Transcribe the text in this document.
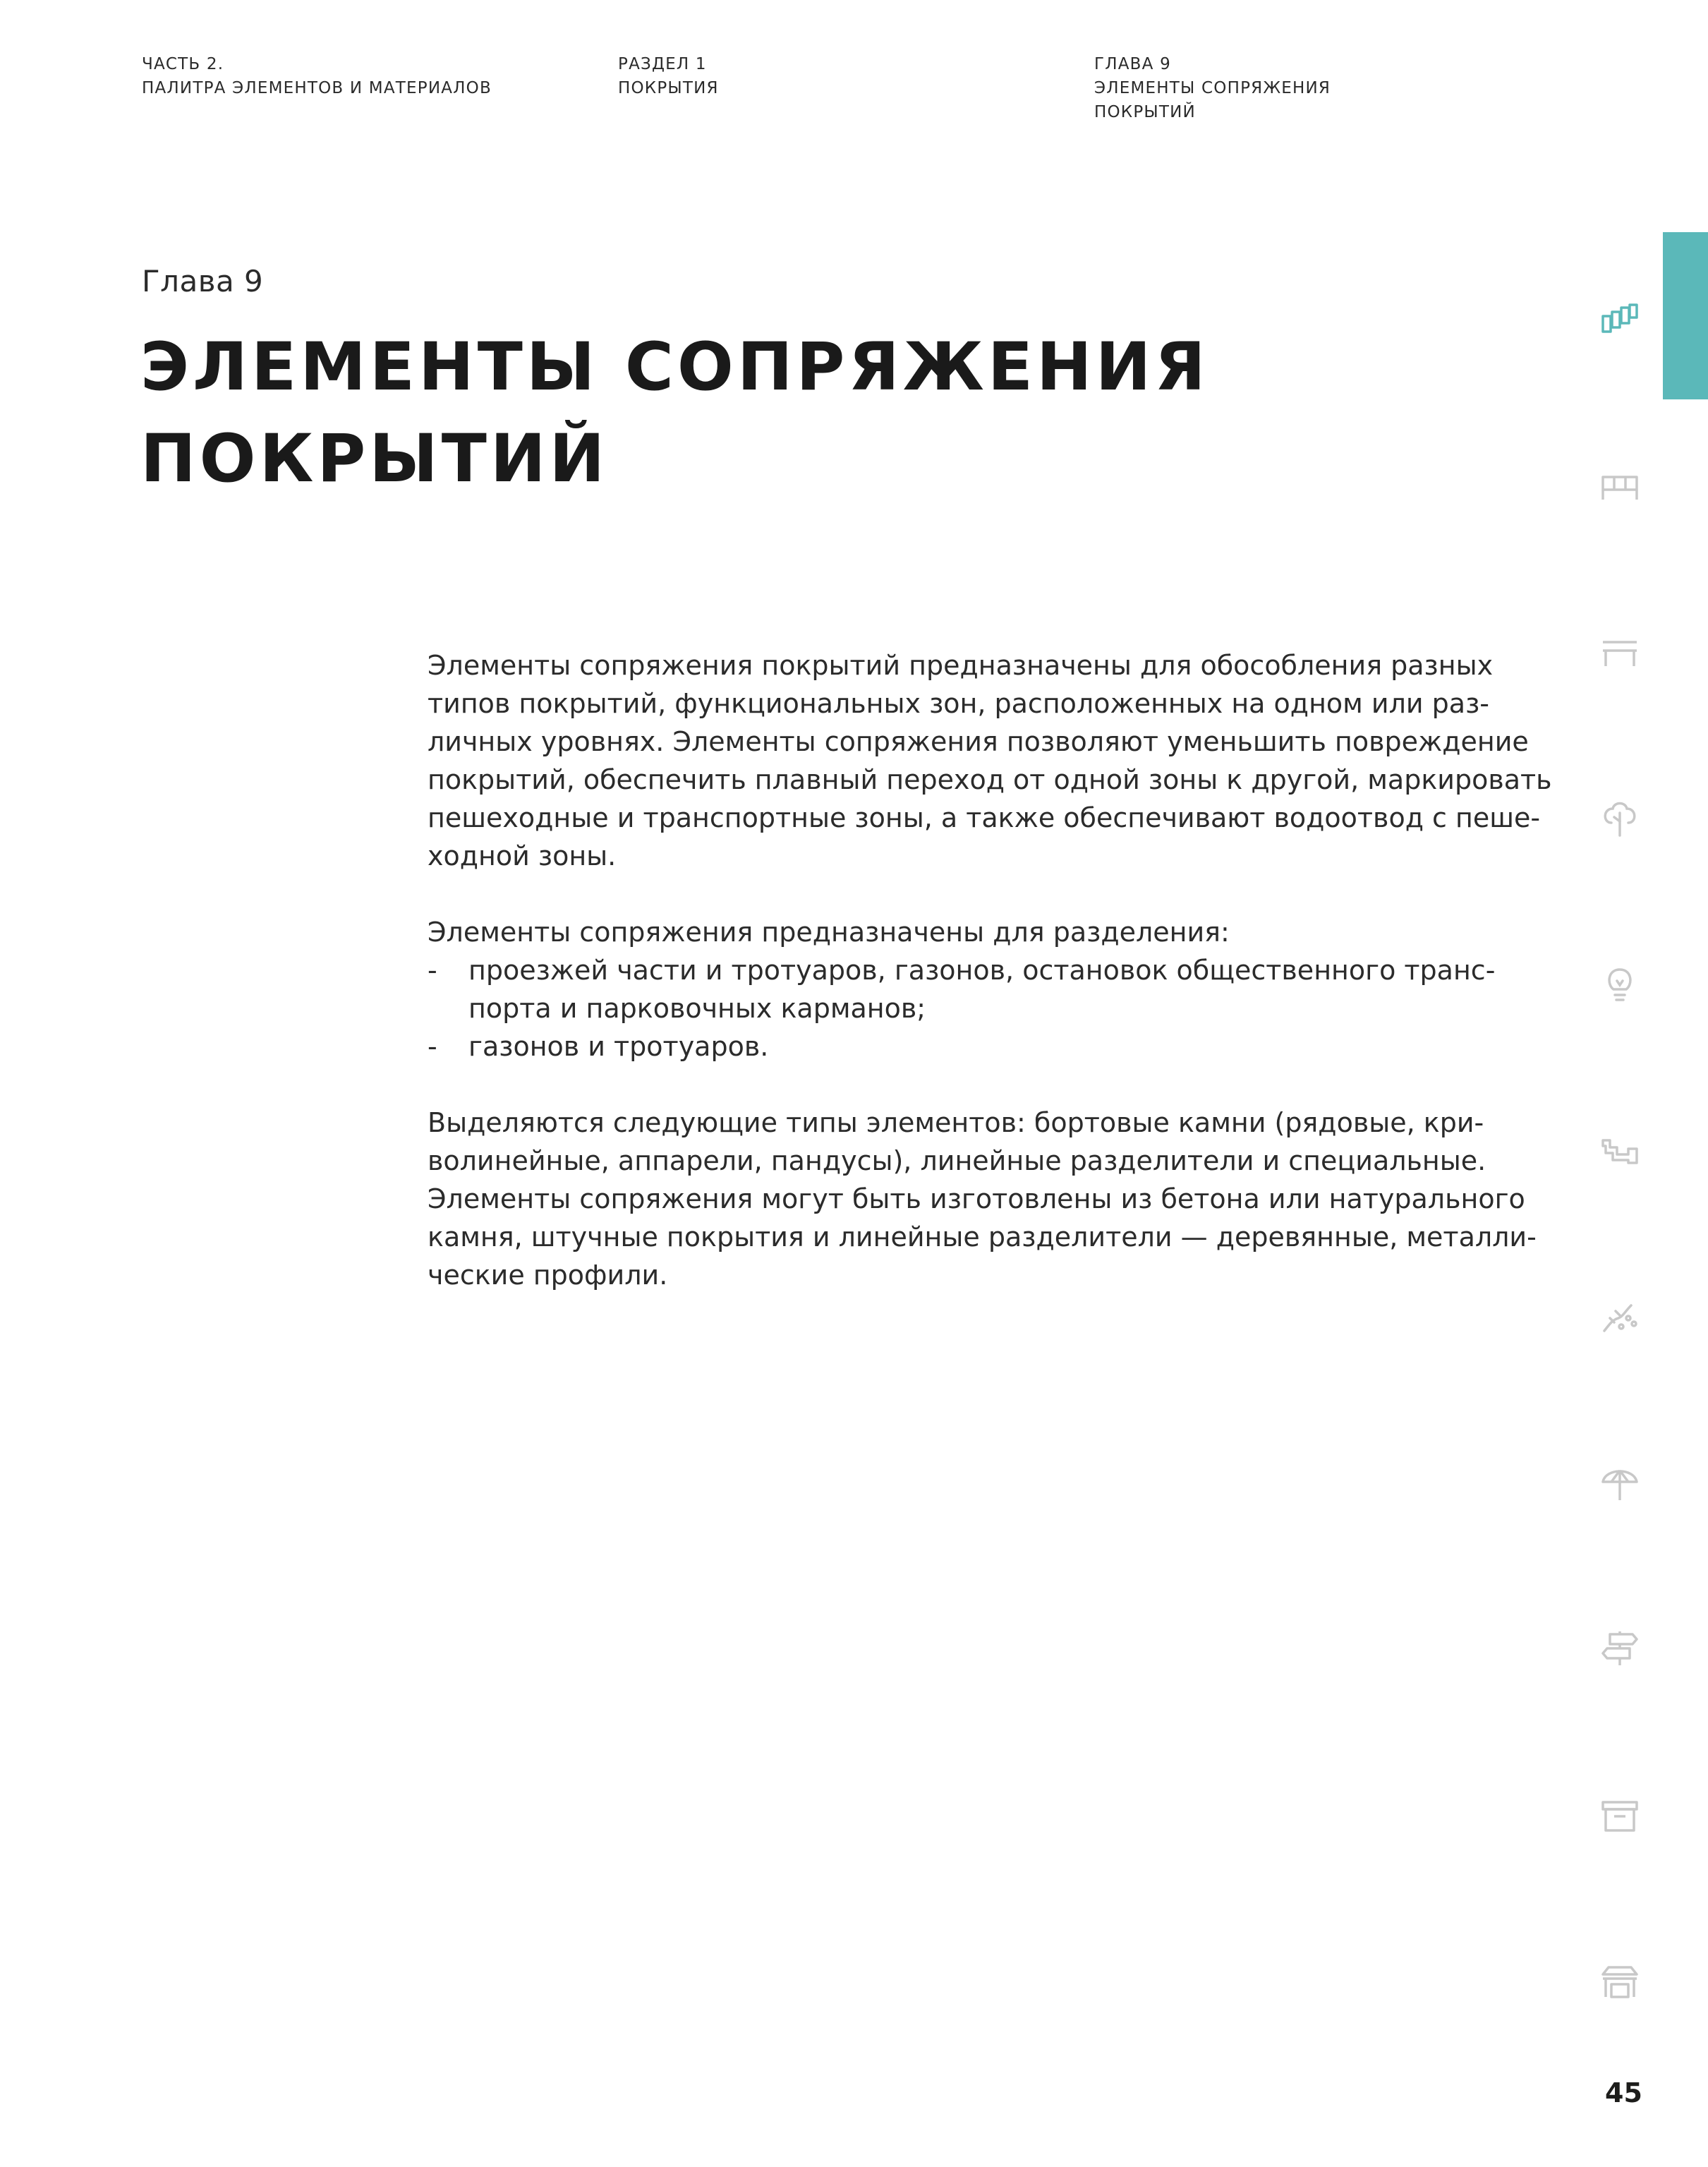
ЧАСТЬ 2.
ПАЛИТРА ЭЛЕМЕНТОВ И МАТЕРИАЛОВ
РАЗДЕЛ 1
ПОКРЫТИЯ
ГЛАВА 9
ЭЛЕМЕНТЫ СОПРЯЖЕНИЯ
ПОКРЫТИЙ
Глава 9
ЭЛЕМЕНТЫ СОПРЯЖЕНИЯ
ПОКРЫТИЙ

Элементы сопряжения покрытий предназначены для обособления разных

типов покрытий, функциональных зон, расположенных на одном или раз-

личных уровнях. Элементы сопряжения позволяют уменьшить повреждение

покрытий, обеспечить плавный переход от одной зоны к другой, маркировать

пешеходные и транспортные зоны, а также обеспечивают водоотвод с пеше-

ходной зоны.

Элементы сопряжения предназначены для разделения:

-	проезжей части и тротуаров, газонов, остановок общественного транс-
порта и парковочных карманов;
-	газонов и тротуаров.

Выделяются следующие типы элементов: бортовые камни (рядовые, кри-

волинейные, аппарели, пандусы), линейные разделители и специальные.

Элементы сопряжения могут быть изготовлены из бетона или натурального

камня, штучные покрытия и линейные разделители — деревянные, металли-

ческие профили.

45
